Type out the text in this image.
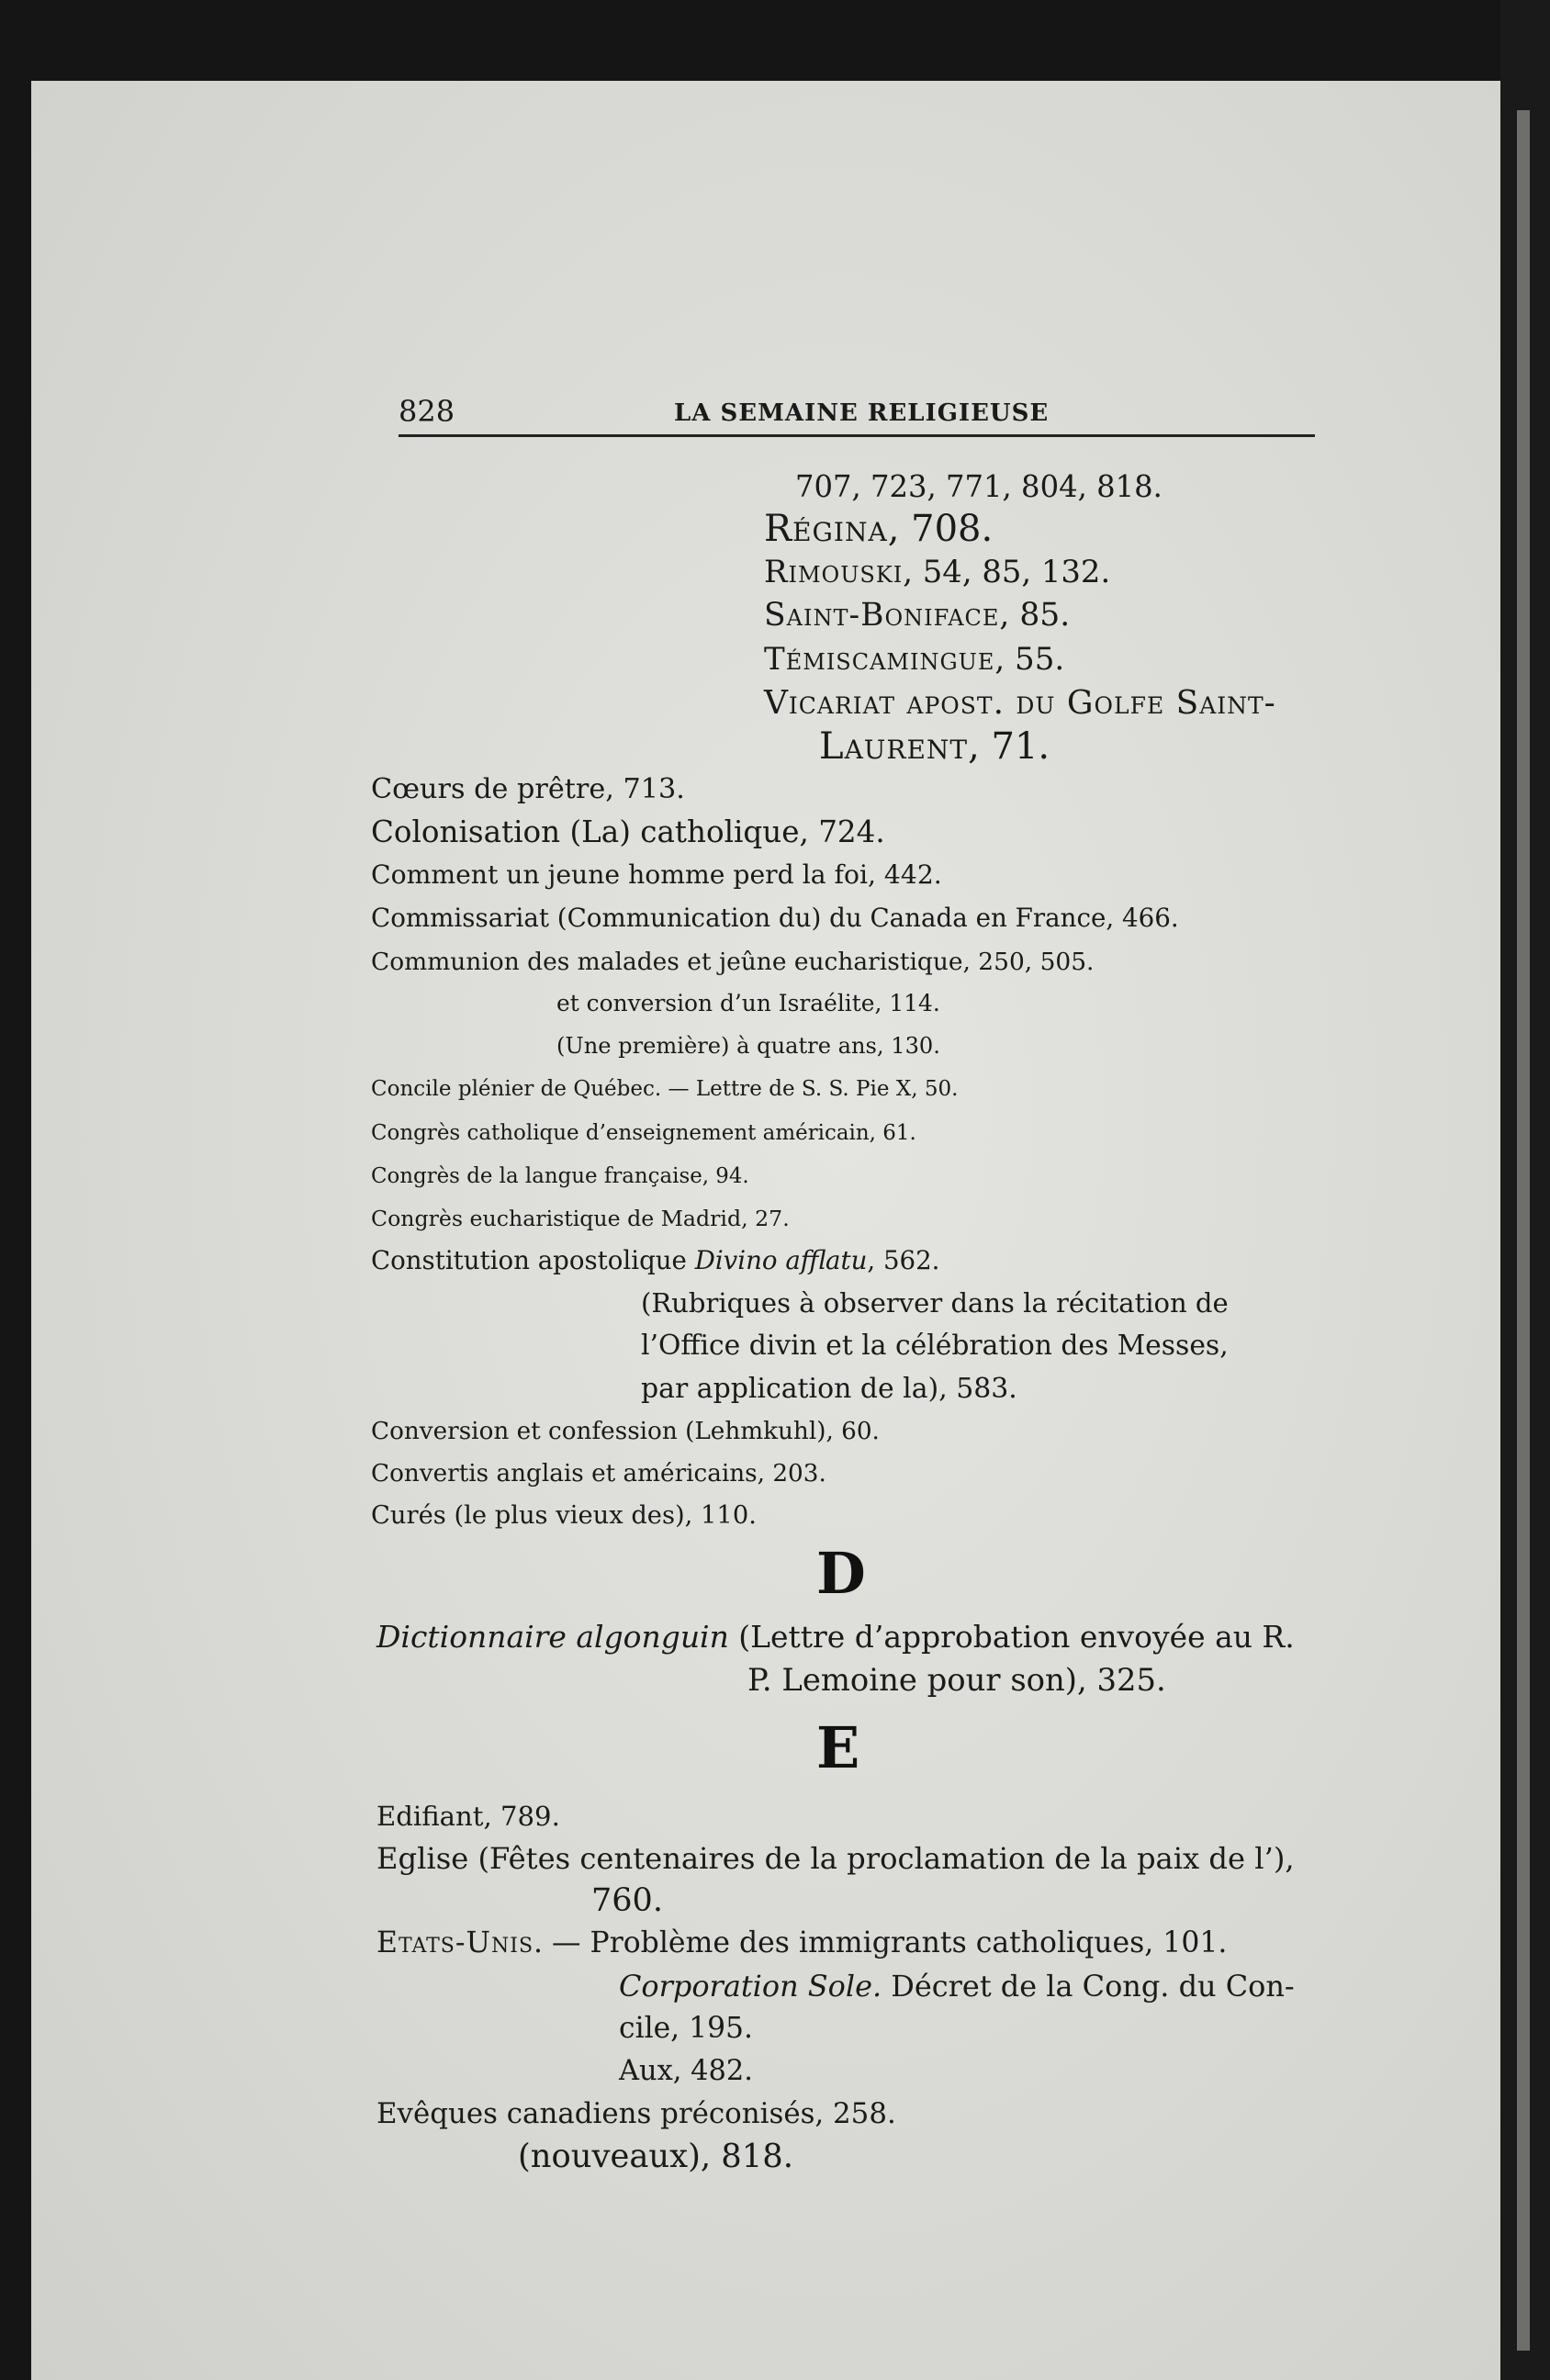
828	LA SEMAINE RELIGIEUSE
D
E
707, 723, 771, 804, 818.
Régina, 708.
Rimouski, 54, 85, 132.
Saint-Boniface, 85.
Témiscamingue, 55.
Vicariat apost. du Golfe Saint-
Laurent, 71.
Cœurs de prêtre, 713.
Colonisation (La) catholique, 724.
Comment un jeune homme perd la foi, 442.
Commissariat (Communication du) du Canada en France, 466.
Communion des malades et jeûne eucharistique, 250, 505.
et conversion d’un Israélite, 114.
(Une première) à quatre ans, 130.
Concile plénier de Québec. — Lettre de S. S. Pie X, 50.
Congrès catholique d’enseignement américain, 61.
Congrès de la langue française, 94.
Congrès eucharistique de Madrid, 27.
Constitution apostolique Divino afflatu, 562.
(Rubriques à observer dans la récitation de
l’Office divin et la célébration des Messes,
par application de la), 583.
Conversion et confession (Lehmkuhl), 60.
Convertis anglais et américains, 203.
Curés (le plus vieux des), 110.
Dictionnaire algonguin (Lettre d’approbation envoyée au R.
P. Lemoine pour son), 325.
Edifiant, 789.
Eglise (Fêtes centenaires de la proclamation de la paix de l’),
760.
Etats-Unis. — Problème des immigrants catholiques, 101.
Corporation Sole. Décret de la Cong. du Con-
cile, 195.
Aux, 482.
Evêques canadiens préconisés, 258.
(nouveaux), 818.
